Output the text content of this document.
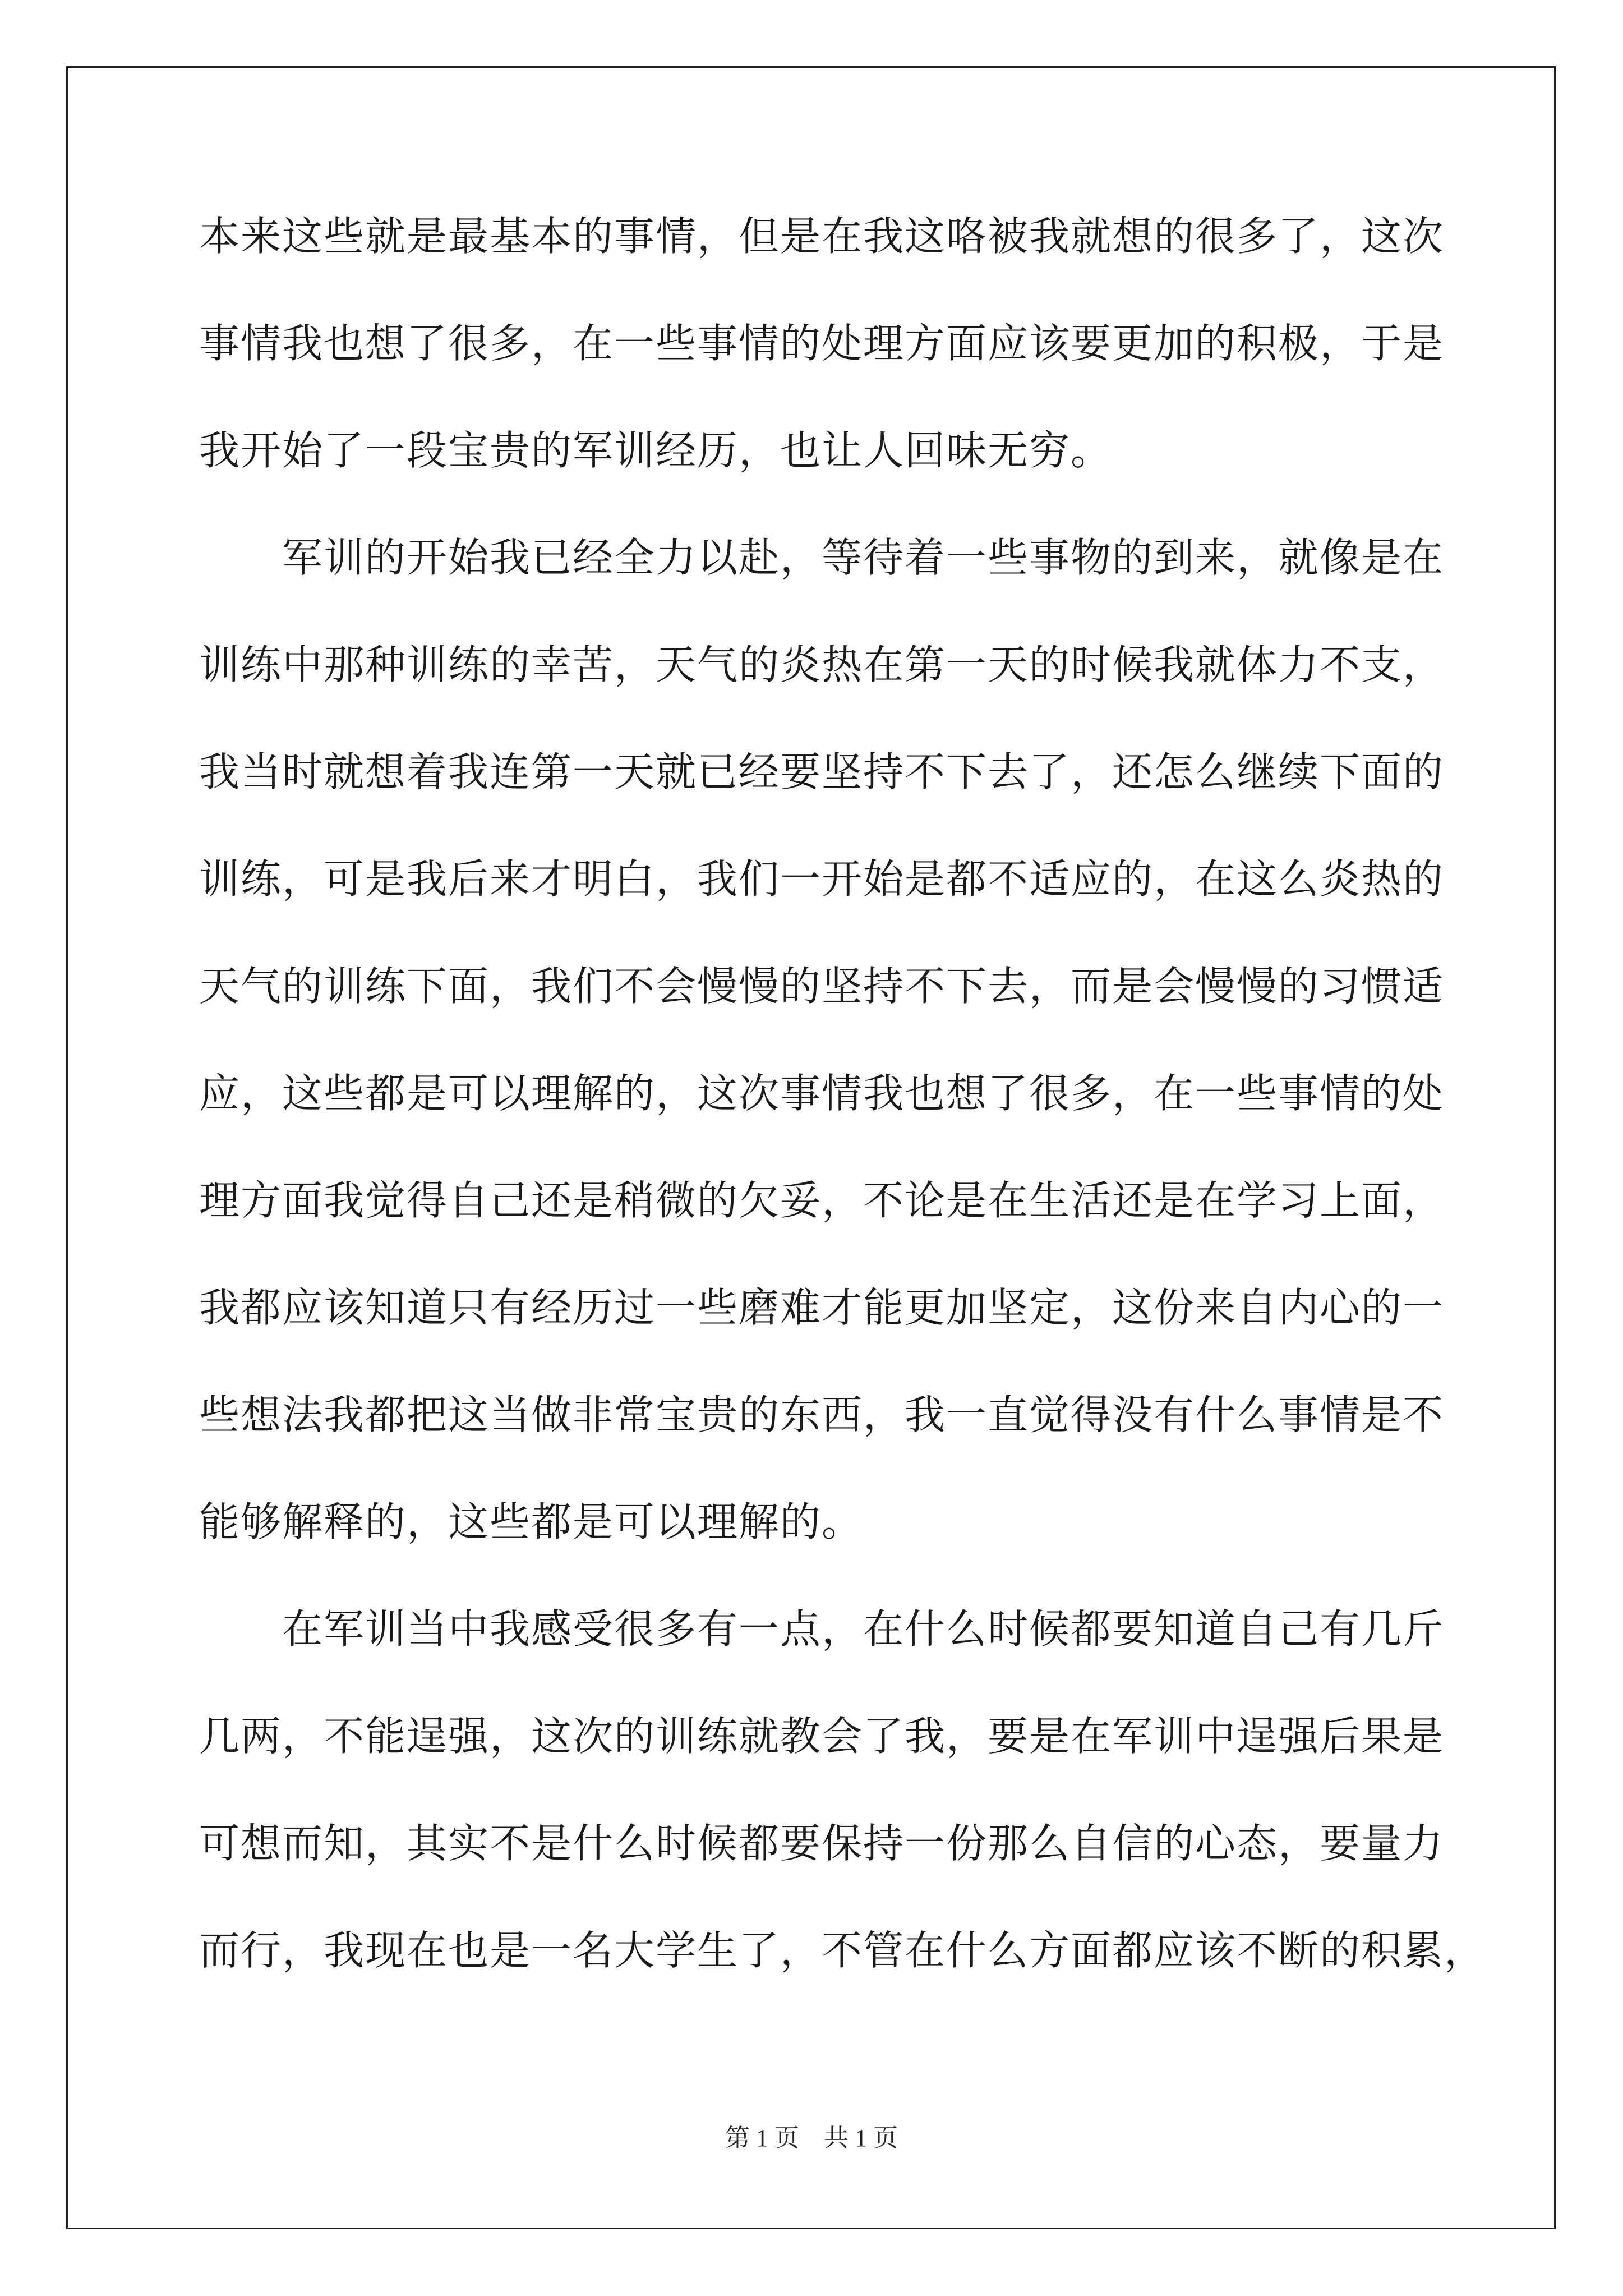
本来这些就是最基本的事情，但是在我这咯被我就想的很多了，这次
事情我也想了很多，在一些事情的处理方面应该要更加的积极，于是
我开始了一段宝贵的军训经历，也让人回味无穷。
　　军训的开始我已经全力以赴，等待着一些事物的到来，就像是在
训练中那种训练的幸苦，天气的炎热在第一天的时候我就体力不支，
我当时就想着我连第一天就已经要坚持不下去了，还怎么继续下面的
训练，可是我后来才明白，我们一开始是都不适应的，在这么炎热的
天气的训练下面，我们不会慢慢的坚持不下去，而是会慢慢的习惯适
应，这些都是可以理解的，这次事情我也想了很多，在一些事情的处
理方面我觉得自己还是稍微的欠妥，不论是在生活还是在学习上面，
我都应该知道只有经历过一些磨难才能更加坚定，这份来自内心的一
些想法我都把这当做非常宝贵的东西，我一直觉得没有什么事情是不
能够解释的，这些都是可以理解的。
　　在军训当中我感受很多有一点，在什么时候都要知道自己有几斤
几两，不能逞强，这次的训练就教会了我，要是在军训中逞强后果是
可想而知，其实不是什么时候都要保持一份那么自信的心态，要量力
而行，我现在也是一名大学生了，不管在什么方面都应该不断的积累，
第 1 页    共 1 页
